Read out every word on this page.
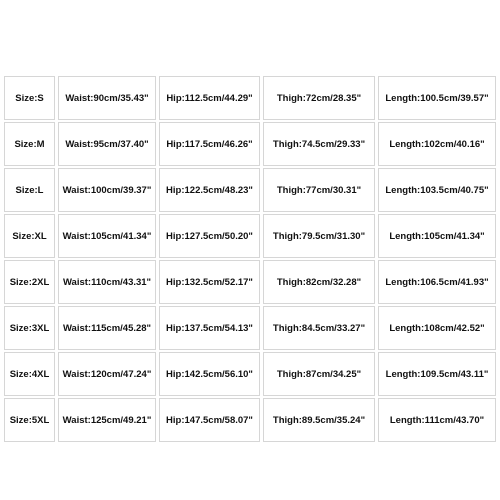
Size:S	Waist:90cm/35.43"	Hip:112.5cm/44.29"	Thigh:72cm/28.35"	Length:100.5cm/39.57"
Size:M	Waist:95cm/37.40"	Hip:117.5cm/46.26"	Thigh:74.5cm/29.33"	Length:102cm/40.16"
Size:L	Waist:100cm/39.37"	Hip:122.5cm/48.23"	Thigh:77cm/30.31"	Length:103.5cm/40.75"
Size:XL	Waist:105cm/41.34"	Hip:127.5cm/50.20"	Thigh:79.5cm/31.30"	Length:105cm/41.34"
Size:2XL	Waist:110cm/43.31"	Hip:132.5cm/52.17"	Thigh:82cm/32.28"	Length:106.5cm/41.93"
Size:3XL	Waist:115cm/45.28"	Hip:137.5cm/54.13"	Thigh:84.5cm/33.27"	Length:108cm/42.52"
Size:4XL	Waist:120cm/47.24"	Hip:142.5cm/56.10"	Thigh:87cm/34.25"	Length:109.5cm/43.11"
Size:5XL	Waist:125cm/49.21"	Hip:147.5cm/58.07"	Thigh:89.5cm/35.24"	Length:111cm/43.70"
